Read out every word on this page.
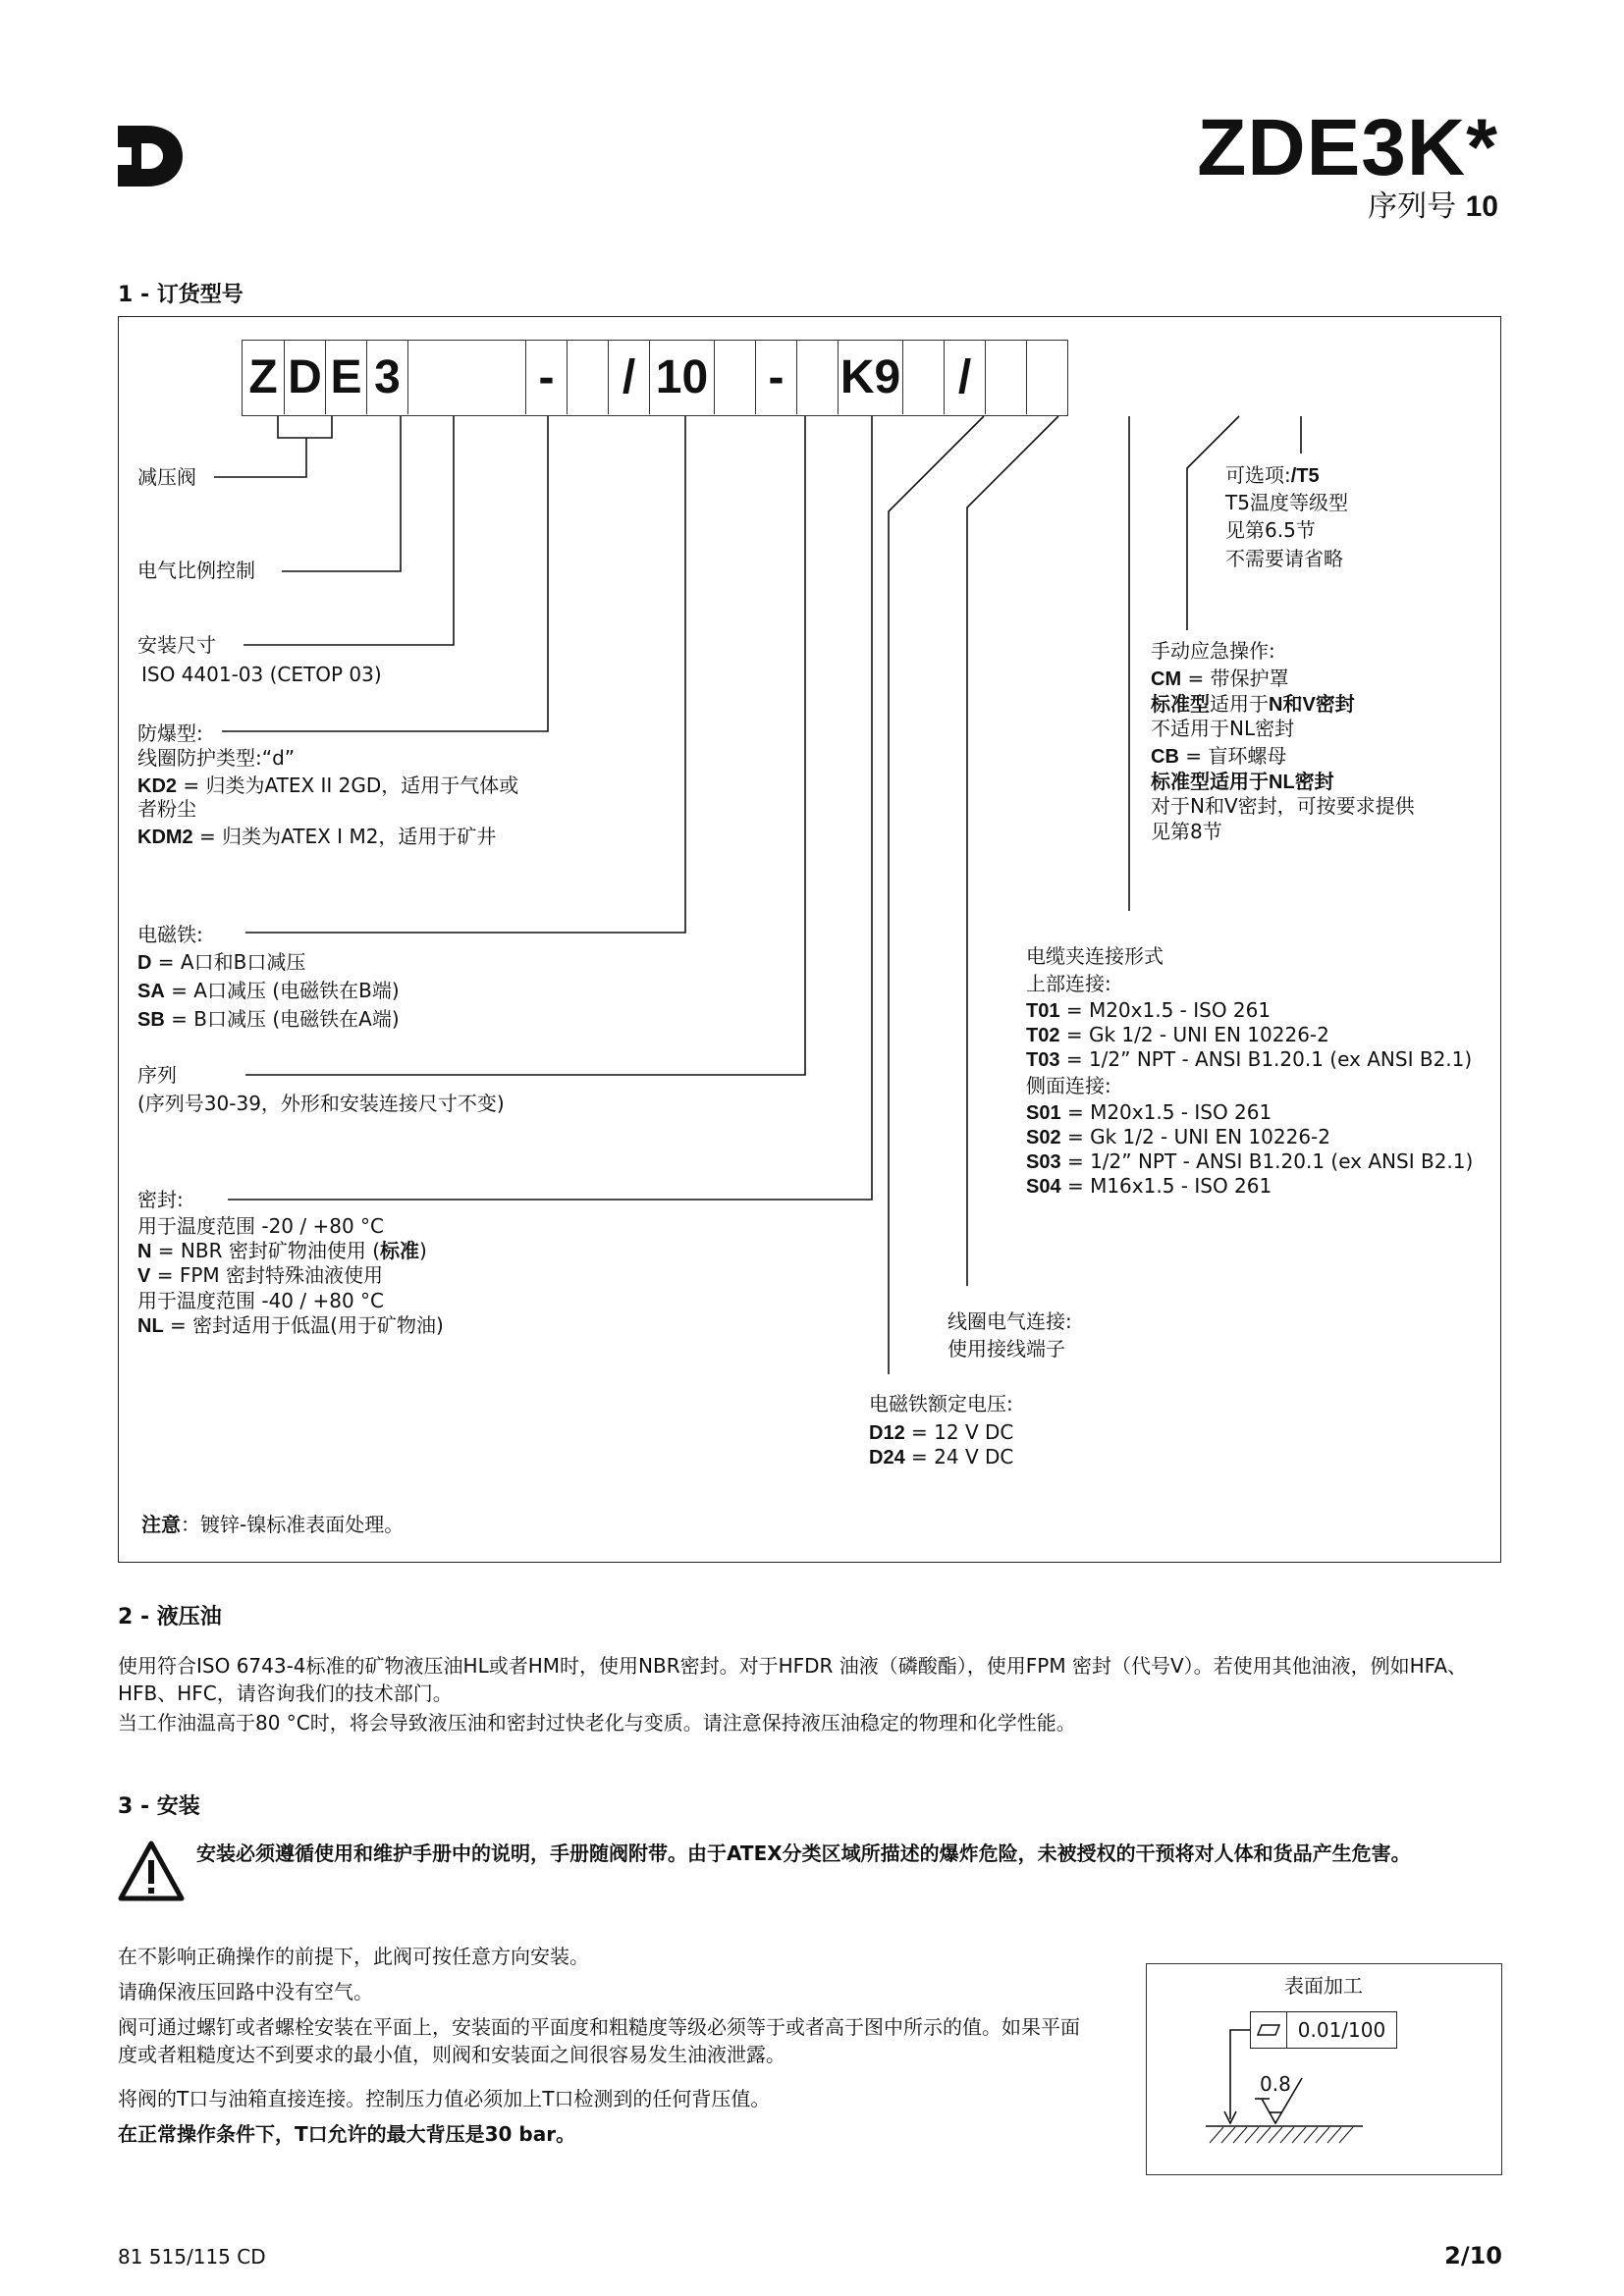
ZDE3K*
序列号 10
1 - 订货型号
Z D E 3	-	/ 10 - K9	/
减压阀
电气比例控制
安装尺寸
ISO 4401-03 (CETOP 03)
防爆型:
线圈防护类型:“d”
KD2 = 归类为ATEX II 2GD，适用于气体或
者粉尘
KDM2 = 归类为ATEX I M2，适用于矿井
电磁铁:
D = A口和B口减压
SA = A口减压 (电磁铁在B端)
SB = B口减压 (电磁铁在A端)
序列
(序列号30-39，外形和安装连接尺寸不变)
密封:
用于温度范围 -20 / +80 °C
N = NBR 密封矿物油使用 (标准)
V = FPM 密封特殊油液使用
用于温度范围 -40 / +80 °C
NL = 密封适用于低温(用于矿物油)
注意：镀锌-镍标准表面处理。
电磁铁额定电压:
D12 = 12 V DC
D24 = 24 V DC
线圈电气连接:
使用接线端子
电缆夹连接形式
上部连接:
T01 = M20x1.5 - ISO 261
T02 = Gk 1/2 - UNI EN 10226-2
T03 = 1/2” NPT - ANSI B1.20.1 (ex ANSI B2.1)
侧面连接:
S01 = M20x1.5 - ISO 261
S02 = Gk 1/2 - UNI EN 10226-2
S03 = 1/2” NPT - ANSI B1.20.1 (ex ANSI B2.1)
S04 = M16x1.5 - ISO 261
手动应急操作:
CM = 带保护罩
标准型适用于N和V密封
不适用于NL密封
CB = 盲环螺母
标准型适用于NL密封
对于N和V密封，可按要求提供
见第8节
可选项:/T5
T5温度等级型
见第6.5节
不需要请省略
2 - 液压油
使用符合ISO 6743-4标准的矿物液压油HL或者HM时，使用NBR密封。对于HFDR 油液（磷酸酯），使用FPM 密封（代号V）。若使用其他油液，例如HFA、HFB、HFC，请咨询我们的技术部门。
当工作油温高于80 °C时，将会导致液压油和密封过快老化与变质。请注意保持液压油稳定的物理和化学性能。
3 - 安装
安装必须遵循使用和维护手册中的说明，手册随阀附带。由于ATEX分类区域所描述的爆炸危险，未被授权的干预将对人体和货品产生危害。
在不影响正确操作的前提下，此阀可按任意方向安装。
请确保液压回路中没有空气。
阀可通过螺钉或者螺栓安装在平面上，安装面的平面度和粗糙度等级必须等于或者高于图中所示的值。如果平面度或者粗糙度达不到要求的最小值，则阀和安装面之间很容易发生油液泄露。
将阀的T口与油箱直接连接。控制压力值必须加上T口检测到的任何背压值。
在正常操作条件下，T口允许的最大背压是30 bar。
表面加工
0.01/100
0.8
81 515/115 CD	2/10
